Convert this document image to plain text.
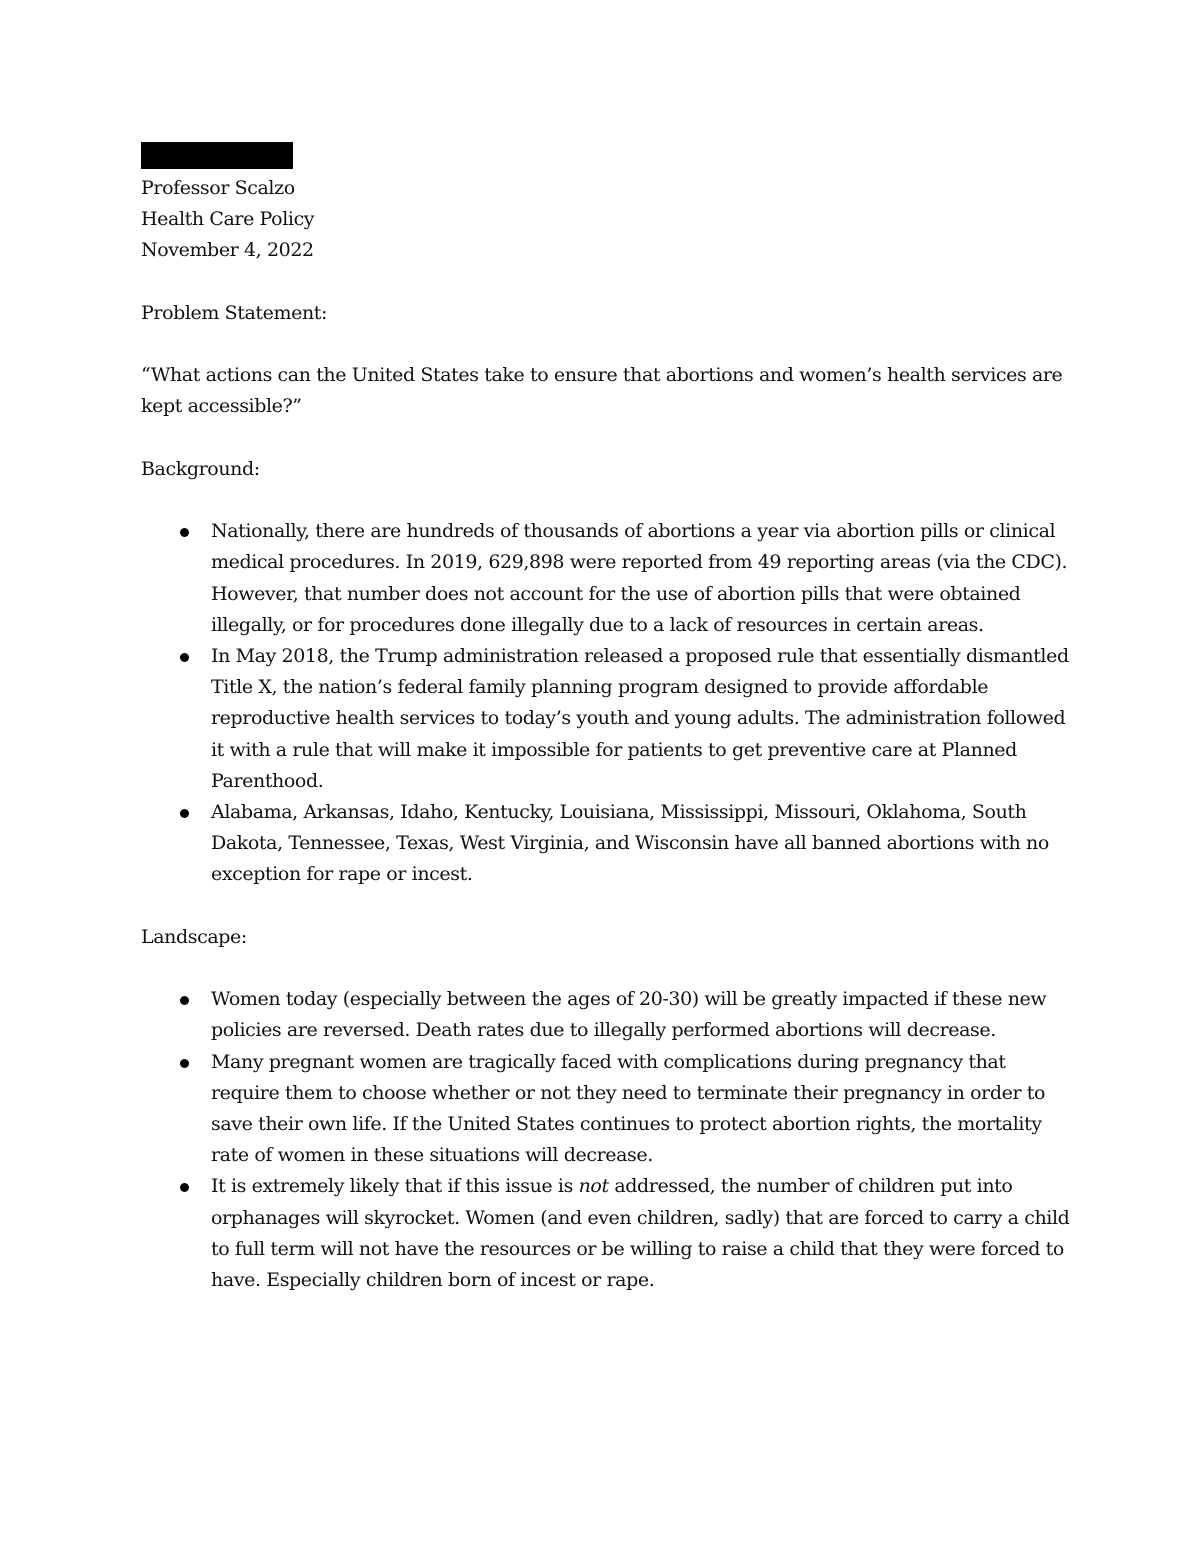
Professor Scalzo
Health Care Policy
November 4, 2022
Problem Statement:
“What actions can the United States take to ensure that abortions and women’s health services are kept accessible?”
Background:
Nationally, there are hundreds of thousands of abortions a year via abortion pills or clinical medical procedures. In 2019, 629,898 were reported from 49 reporting areas (via the CDC). However, that number does not account for the use of abortion pills that were obtained illegally, or for procedures done illegally due to a lack of resources in certain areas.
In May 2018, the Trump administration released a proposed rule that essentially dismantled Title X, the nation’s federal family planning program designed to provide affordable reproductive health services to today’s youth and young adults. The administration followed it with a rule that will make it impossible for patients to get preventive care at Planned Parenthood.
Alabama, Arkansas, Idaho, Kentucky, Louisiana, Mississippi, Missouri, Oklahoma, South Dakota, Tennessee, Texas, West Virginia, and Wisconsin have all banned abortions with no exception for rape or incest.
Landscape:
Women today (especially between the ages of 20-30) will be greatly impacted if these new policies are reversed. Death rates due to illegally performed abortions will decrease.
Many pregnant women are tragically faced with complications during pregnancy that require them to choose whether or not they need to terminate their pregnancy in order to save their own life. If the United States continues to protect abortion rights, the mortality rate of women in these situations will decrease.
It is extremely likely that if this issue is not addressed, the number of children put into orphanages will skyrocket. Women (and even children, sadly) that are forced to carry a child to full term will not have the resources or be willing to raise a child that they were forced to have. Especially children born of incest or rape.
